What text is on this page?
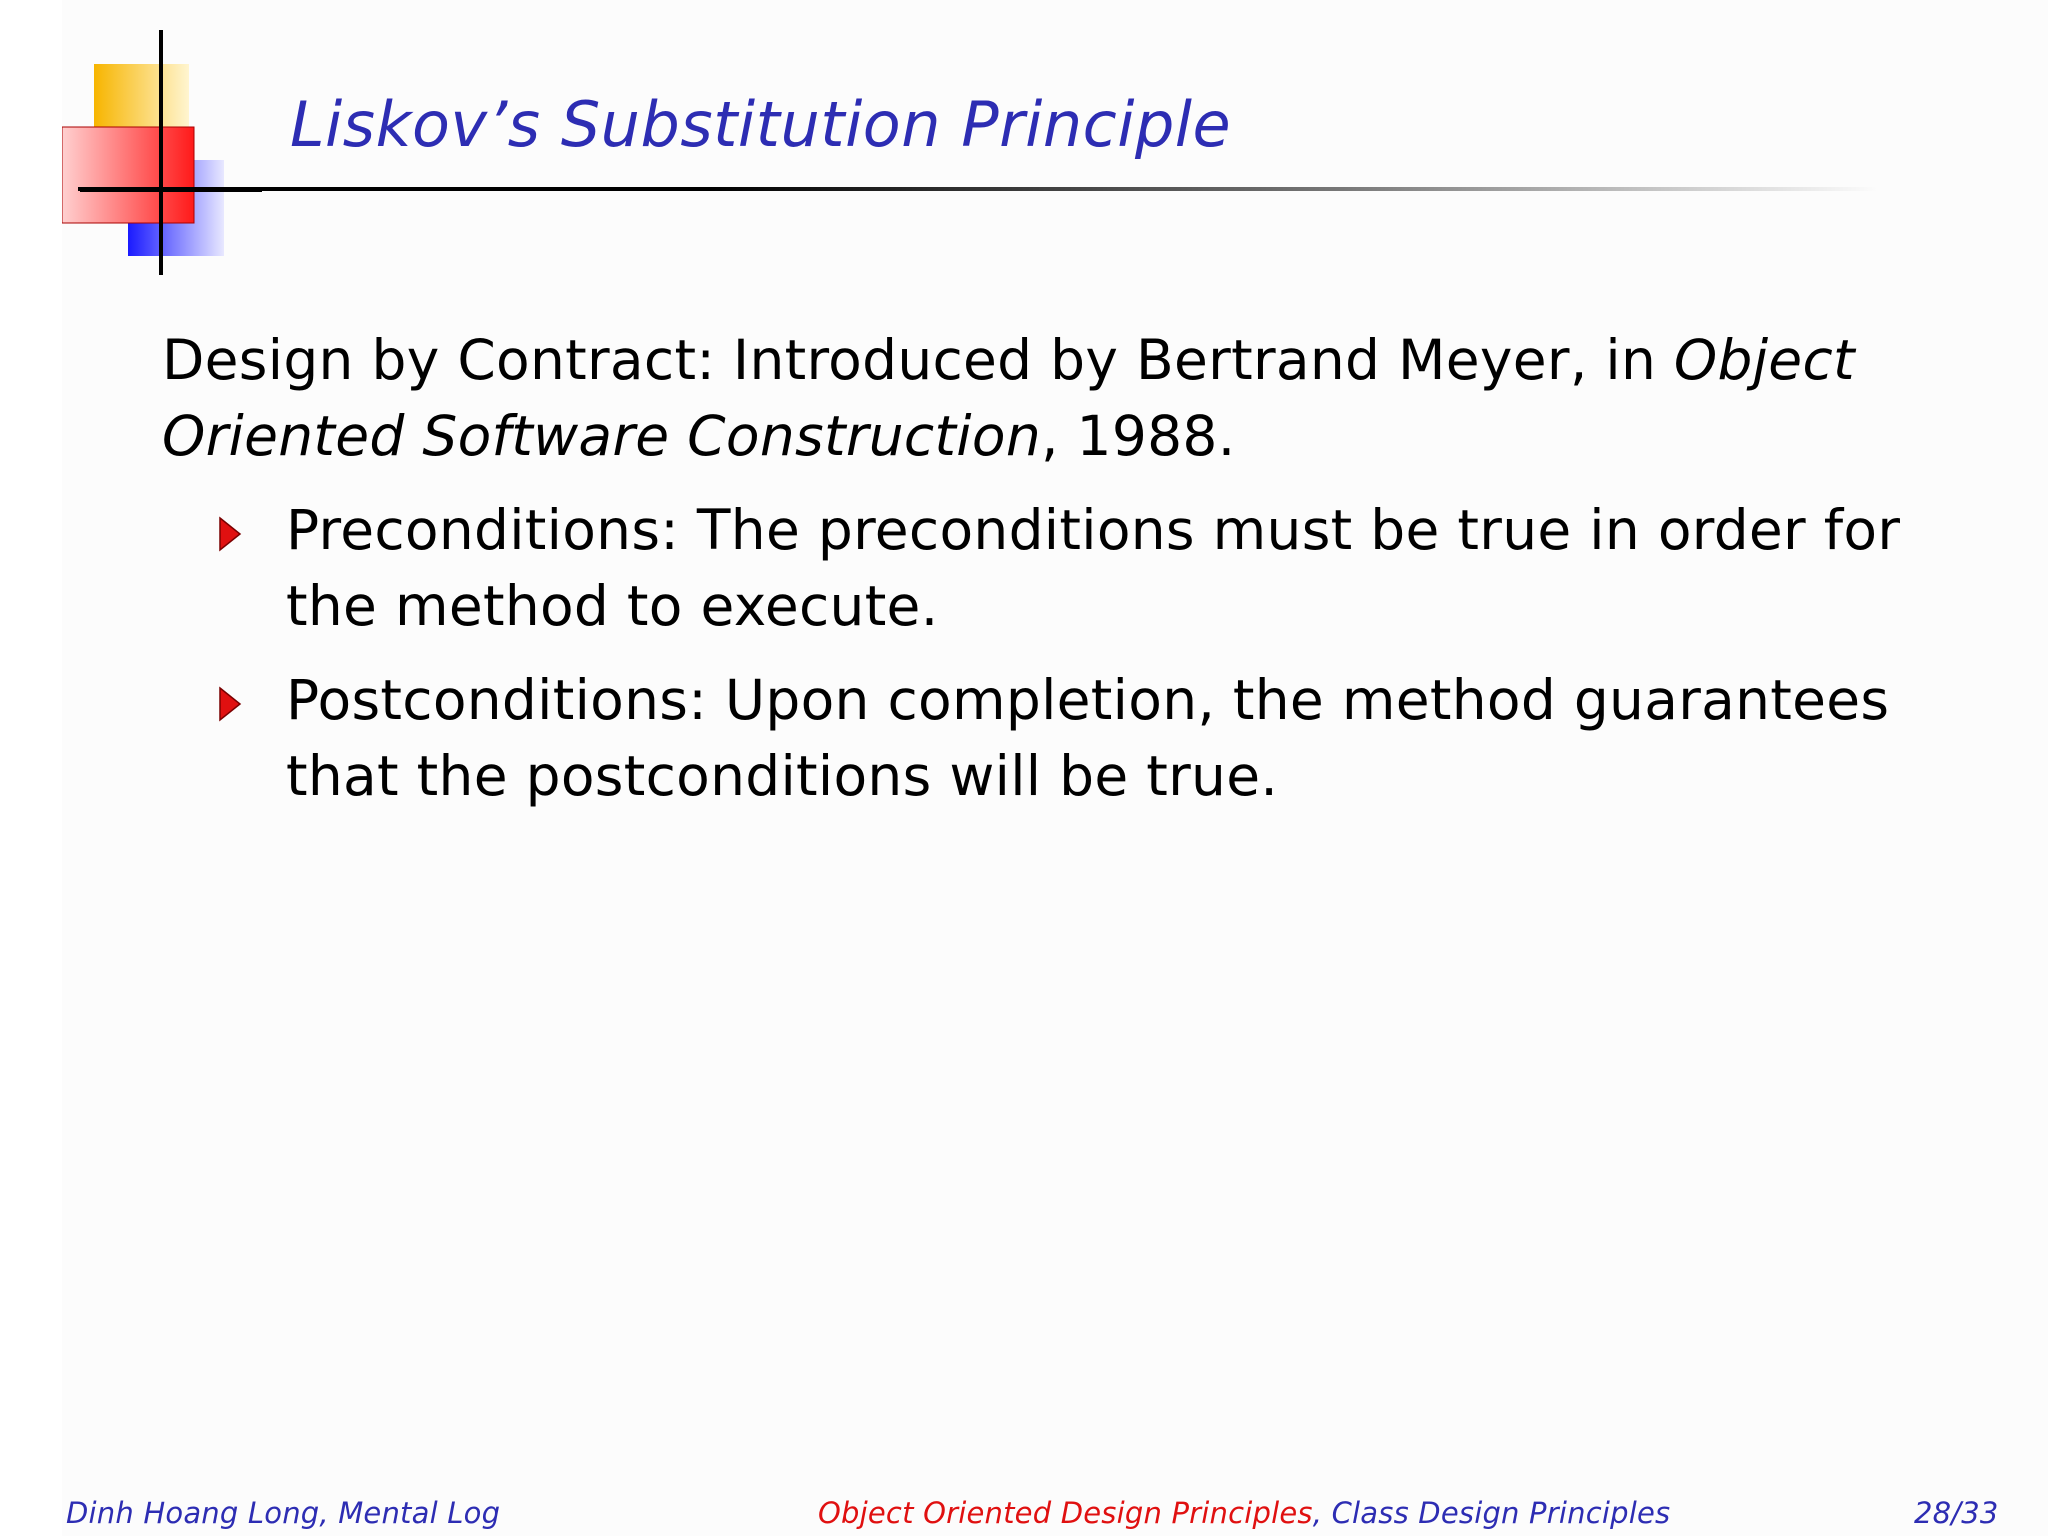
Liskov’s Substitution Principle
Design by Contract: Introduced by Bertrand Meyer, in Object Oriented Software Construction, 1988.
Preconditions: The preconditions must be true in order for the method to execute.
Postconditions: Upon completion, the method guarantees that the postconditions will be true.
Dinh Hoang Long, Mental Log	Object Oriented Design Principles, Class Design Principles	28/33
